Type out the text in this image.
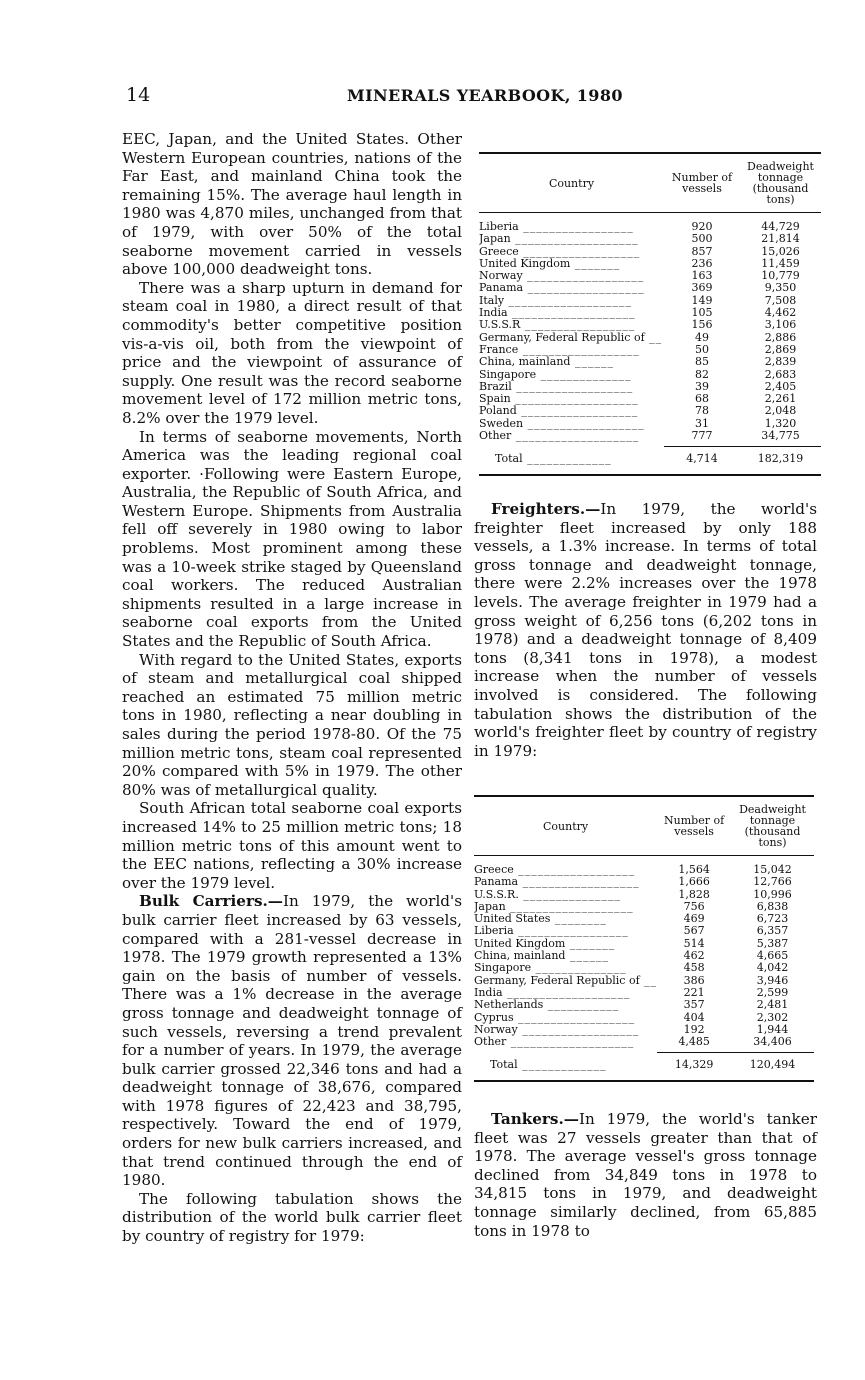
14	MINERALS YEARBOOK, 1980

EEC, Japan, and the United States. Other Western European countries, nations of the Far East, and mainland China took the remaining 15%. The average haul length in 1980 was 4,870 miles, unchanged from that of 1979, with over 50% of the total seaborne movement carried in vessels above 100,000 deadweight tons.

There was a sharp upturn in demand for steam coal in 1980, a direct result of that commodity's better competitive position vis-a-vis oil, both from the viewpoint of price and the viewpoint of assurance of supply. One result was the record seaborne movement level of 172 million metric tons, 8.2% over the 1979 level.

In terms of seaborne movements, North America was the leading regional coal exporter. ·Following were Eastern Europe, Australia, the Republic of South Africa, and Western Europe. Shipments from Australia fell off severely in 1980 owing to labor problems. Most prominent among these was a 10-week strike staged by Queensland coal workers. The reduced Australian shipments resulted in a large increase in seaborne coal exports from the United States and the Republic of South Africa.

With regard to the United States, exports of steam and metallurgical coal shipped reached an estimated 75 million metric tons in 1980, reflecting a near doubling in sales during the period 1978-80. Of the 75 million metric tons, steam coal represented 20% compared with 5% in 1979. The other 80% was of metallurgical quality.

South African total seaborne coal exports increased 14% to 25 million metric tons; 18 million metric tons of this amount went to the EEC nations, reflecting a 30% increase over the 1979 level.

Bulk Carriers.—In 1979, the world's bulk carrier fleet increased by 63 vessels, compared with a 281-vessel decrease in 1978. The 1979 growth represented a 13% gain on the basis of number of vessels. There was a 1% decrease in the average gross tonnage and deadweight tonnage of such vessels, reversing a trend prevalent for a number of years. In 1979, the average bulk carrier grossed 22,346 tons and had a deadweight tonnage of 38,676, compared with 1978 figures of 22,423 and 38,795, respectively. Toward the end of 1979, orders for new bulk carriers increased, and that trend continued through the end of 1980.

The following tabulation shows the distribution of the world bulk carrier fleet by country of registry for 1979:

Country	Number of vessels	Deadweight tonnage (thousand tons)

Liberia _________________	920	44,729
Japan ___________________	500	21,814
Greece __________________	857	15,026
United Kingdom _______	236	11,459
Norway __________________	163	10,779
Panama __________________	369	9,350
Italy ___________________	149	7,508
India ___________________	105	4,462
U.S.S.R _________________	156	3,106
Germany, Federal Republic of __	49	2,886
France __________________	50	2,869
China, mainland ______	85	2,839
Singapore ______________	82	2,683
Brazil __________________	39	2,405
Spain ___________________	68	2,261
Poland __________________	78	2,048
Sweden __________________	31	1,320
Other ___________________	777	34,775

Total _____________	4,714	182,319

Freighters.—In 1979, the world's freighter fleet increased by only 188 vessels, a 1.3% increase. In terms of total gross tonnage and deadweight tonnage, there were 2.2% increases over the 1978 levels. The average freighter in 1979 had a gross weight of 6,256 tons (6,202 tons in 1978) and a deadweight tonnage of 8,409 tons (8,341 tons in 1978), a modest increase when the number of vessels involved is considered. The following tabulation shows the distribution of the world's freighter fleet by country of registry in 1979:

Country	Number of vessels	Deadweight tonnage (thousand tons)

Greece __________________	1,564	15,042
Panama __________________	1,666	12,766
U.S.S.R. _______________	1,828	10,996
Japan ___________________	756	6,838
United States ________	469	6,723
Liberia _________________	567	6,357
United Kingdom _______	514	5,387
China, mainland ______	462	4,665
Singapore ______________	458	4,042
Germany, Federal Republic of __	386	3,946
India ___________________	221	2,599
Netherlands ___________	357	2,481
Cyprus __________________	404	2,302
Norway __________________	192	1,944
Other ___________________	4,485	34,406

Total _____________	14,329	120,494

Tankers.—In 1979, the world's tanker fleet was 27 vessels greater than that of 1978. The average vessel's gross tonnage declined from 34,849 tons in 1978 to 34,815 tons in 1979, and deadweight tonnage similarly declined, from 65,885 tons in 1978 to
